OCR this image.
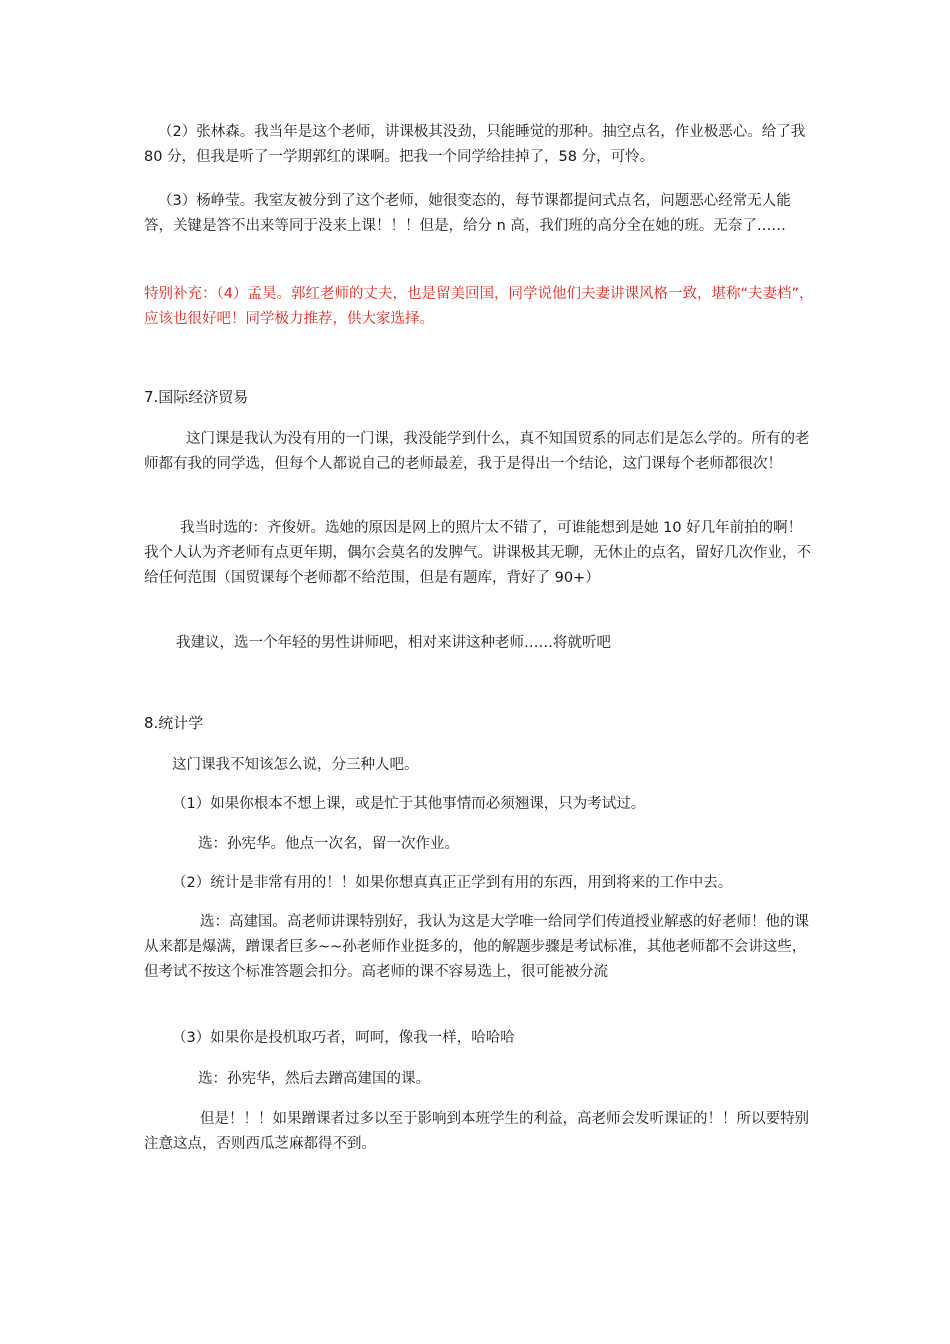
（2）张林森。我当年是这个老师，讲课极其没劲，只能睡觉的那种。抽空点名，作业极恶心。给了我 80 分，但我是听了一学期郭红的课啊。把我一个同学给挂掉了，58 分，可怜。

（3）杨峥莹。我室友被分到了这个老师，她很变态的，每节课都提问式点名，问题恶心经常无人能答，关键是答不出来等同于没来上课！！！但是，给分 n 高，我们班的高分全在她的班。无奈了……

特别补充：（4）孟昊。郭红老师的丈夫，也是留美回国，同学说他们夫妻讲课风格一致，堪称“夫妻档”，应该也很好吧！同学极力推荐，供大家选择。

7.国际经济贸易

这门课是我认为没有用的一门课，我没能学到什么，真不知国贸系的同志们是怎么学的。所有的老师都有我的同学选，但每个人都说自己的老师最差，我于是得出一个结论，这门课每个老师都很次！

我当时选的：齐俊妍。选她的原因是网上的照片太不错了，可谁能想到是她 10 好几年前拍的啊！我个人认为齐老师有点更年期，偶尔会莫名的发脾气。讲课极其无聊，无休止的点名，留好几次作业，不给任何范围（国贸课每个老师都不给范围，但是有题库，背好了 90+）

我建议，选一个年轻的男性讲师吧，相对来讲这种老师……将就听吧

8.统计学

这门课我不知该怎么说，分三种人吧。

（1）如果你根本不想上课，或是忙于其他事情而必须翘课，只为考试过。

选：孙宪华。他点一次名，留一次作业。

（2）统计是非常有用的！！如果你想真真正正学到有用的东西，用到将来的工作中去。

选：高建国。高老师讲课特别好，我认为这是大学唯一给同学们传道授业解惑的好老师！他的课从来都是爆满，蹭课者巨多~~孙老师作业挺多的，他的解题步骤是考试标准，其他老师都不会讲这些，但考试不按这个标准答题会扣分。高老师的课不容易选上，很可能被分流

（3）如果你是投机取巧者，呵呵，像我一样，哈哈哈

选：孙宪华，然后去蹭高建国的课。

但是！！！如果蹭课者过多以至于影响到本班学生的利益，高老师会发听课证的！！所以要特别注意这点，否则西瓜芝麻都得不到。
